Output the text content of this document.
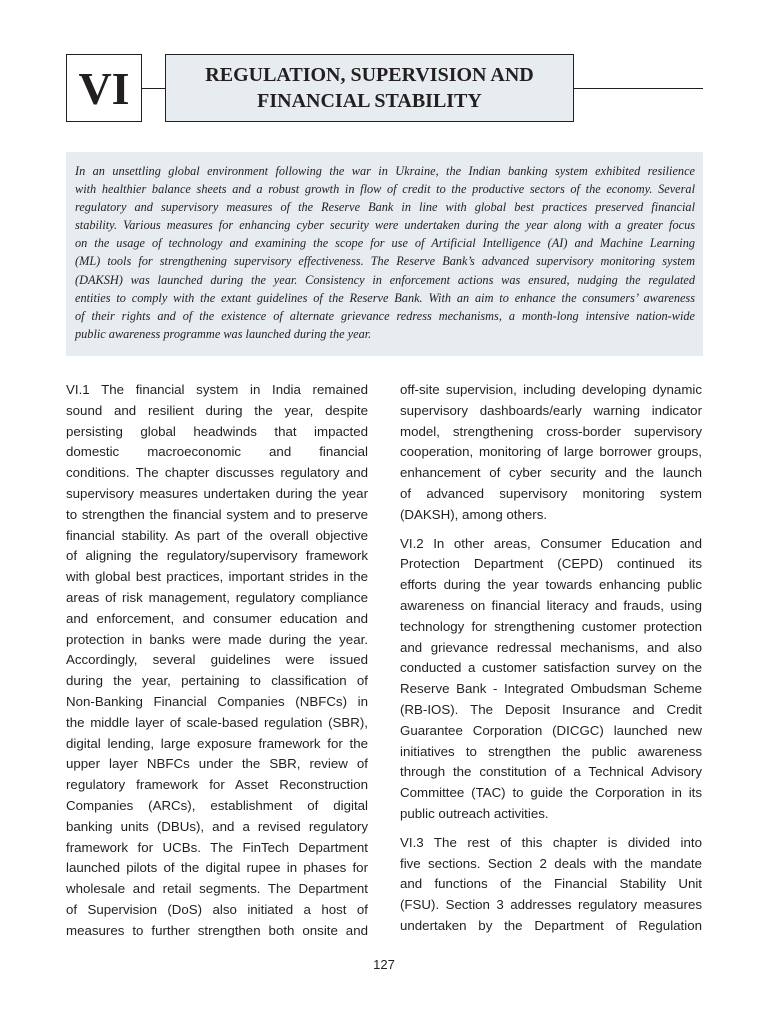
VI	REGULATION, SUPERVISION AND
FINANCIAL STABILITY
In an unsettling global environment following the war in Ukraine, the Indian banking system exhibited resilience
with healthier balance sheets and a robust growth in flow of credit to the productive sectors of the economy. Several
regulatory and supervisory measures of the Reserve Bank in line with global best practices preserved financial
stability. Various measures for enhancing cyber security were undertaken during the year along with a greater focus
on the usage of technology and examining the scope for use of Artificial Intelligence (AI) and Machine Learning
(ML) tools for strengthening supervisory effectiveness. The Reserve Bank’s advanced supervisory monitoring system
(DAKSH) was launched during the year. Consistency in enforcement actions was ensured, nudging the regulated
entities to comply with the extant guidelines of the Reserve Bank. With an aim to enhance the consumers’ awareness
of their rights and of the existence of alternate grievance redress mechanisms, a month-long intensive nation-wide
public awareness programme was launched during the year.
VI.1 The financial system in India remained
sound and resilient during the year, despite
persisting global headwinds that impacted
domestic macroeconomic and financial
conditions. The chapter discusses regulatory and
supervisory measures undertaken during the year
to strengthen the financial system and to preserve
financial stability. As part of the overall objective
of aligning the regulatory/supervisory framework
with global best practices, important strides in the
areas of risk management, regulatory compliance
and enforcement, and consumer education and
protection in banks were made during the year.
Accordingly, several guidelines were issued
during the year, pertaining to classification of
Non-Banking Financial Companies (NBFCs) in
the middle layer of scale-based regulation (SBR),
digital lending, large exposure framework for the
upper layer NBFCs under the SBR, review of
regulatory framework for Asset Reconstruction
Companies (ARCs), establishment of digital
banking units (DBUs), and a revised regulatory
framework for UCBs. The FinTech Department
launched pilots of the digital rupee in phases for
wholesale and retail segments. The Department
of Supervision (DoS) also initiated a host of
measures to further strengthen both onsite and
off-site supervision, including developing dynamic
supervisory dashboards/early warning indicator
model, strengthening cross-border supervisory
cooperation, monitoring of large borrower groups,
enhancement of cyber security and the launch
of advanced supervisory monitoring system
(DAKSH), among others.
VI.2 In other areas, Consumer Education and
Protection Department (CEPD) continued its
efforts during the year towards enhancing public
awareness on financial literacy and frauds, using
technology for strengthening customer protection
and grievance redressal mechanisms, and also
conducted a customer satisfaction survey on the
Reserve Bank - Integrated Ombudsman Scheme
(RB-IOS). The Deposit Insurance and Credit
Guarantee Corporation (DICGC) launched new
initiatives to strengthen the public awareness
through the constitution of a Technical Advisory
Committee (TAC) to guide the Corporation in its
public outreach activities.
VI.3 The rest of this chapter is divided into
five sections. Section 2 deals with the mandate
and functions of the Financial Stability Unit
(FSU). Section 3 addresses regulatory measures
undertaken by the Department of Regulation
127
